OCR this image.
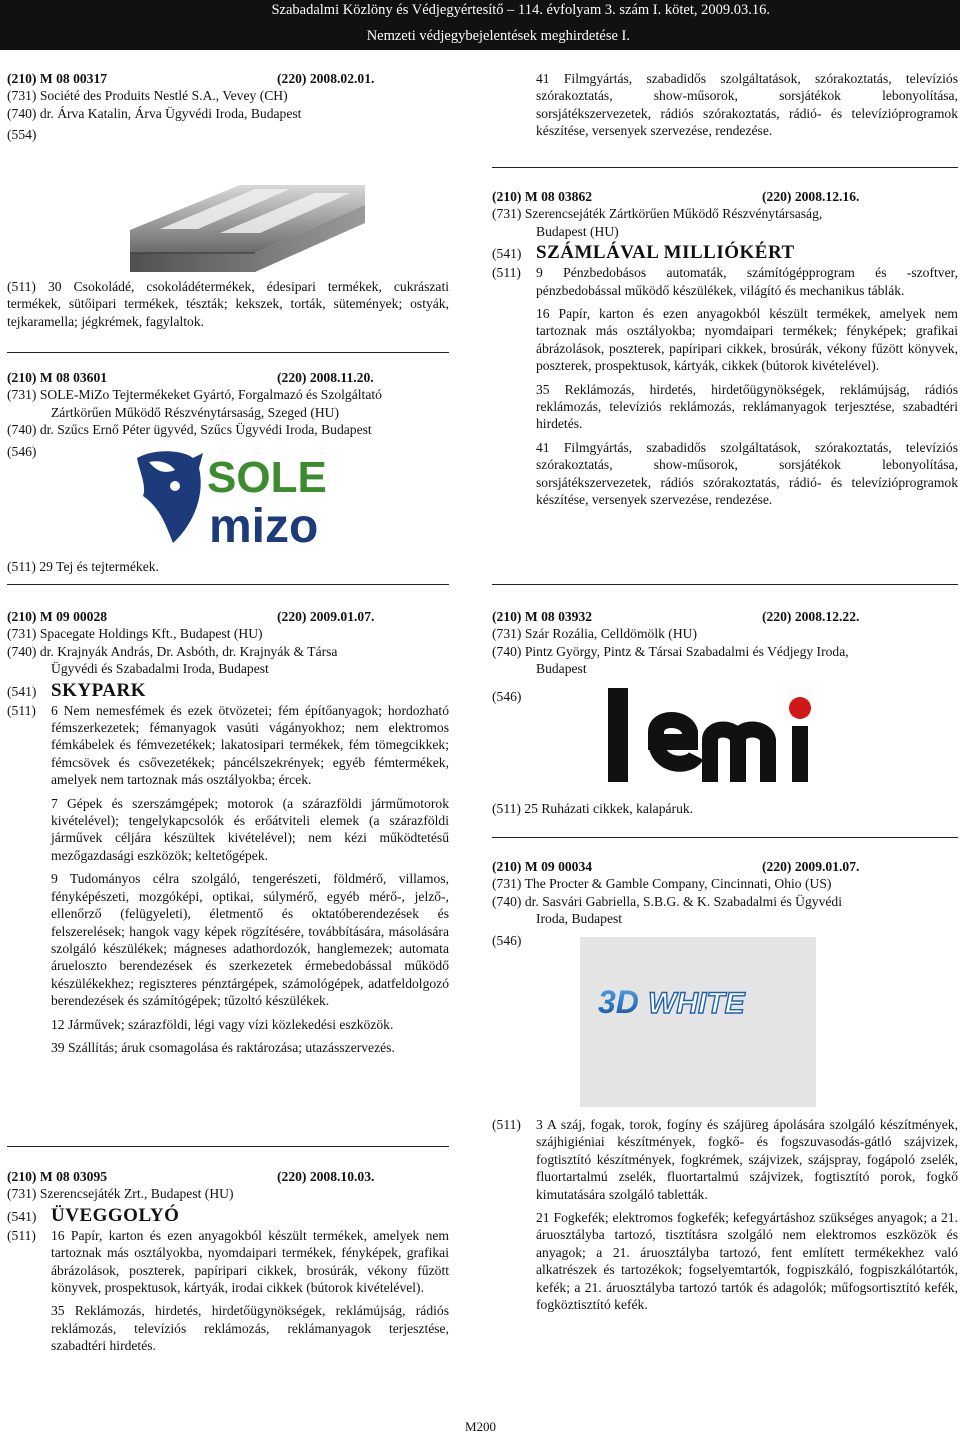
Szabadalmi Közlöny és Védjegyértesítő – 114. évfolyam 3. szám I. kötet, 2009.03.16.
Nemzeti védjegybejelentések meghirdetése I.
(210) M 08 00317	(220) 2008.02.01.
(731) Société des Produits Nestlé S.A., Vevey (CH)
(740) dr. Árva Katalin, Árva Ügyvédi Iroda, Budapest
(554)
(511) 30 Csokoládé, csokoládétermékek, édesipari termékek, cukrászati termékek, sütőipari termékek, tészták; kekszek, torták, sütemények; ostyák, tejkaramella; jégkrémek, fagylaltok.
(210) M 08 03601	(220) 2008.11.20.
(731) SOLE-MiZo Tejtermékeket Gyártó, Forgalmazó és Szolgáltató
Zártkörűen Működő Részvénytársaság, Szeged (HU)
(740) dr. Szűcs Ernő Péter ügyvéd, Szűcs Ügyvédi Iroda, Budapest
(546)
SOLE
mizo
(511) 29 Tej és tejtermékek.
(210) M 09 00028	(220) 2009.01.07.
(731) Spacegate Holdings Kft., Budapest (HU)
(740) dr. Krajnyák András, Dr. Asbóth, dr. Krajnyák & Társa
Ügyvédi és Szabadalmi Iroda, Budapest
(541) SKYPARK
(511)	6 Nem nemesfémek és ezek ötvözetei; fém építőanyagok; hordozható fémszerkezetek; fémanyagok vasúti vágányokhoz; nem elektromos fémkábelek és fémvezetékek; lakatosipari termékek, fém tömegcikkek; fémcsövek és csővezetékek; páncélszekrények; egyéb fémtermékek, amelyek nem tartoznak más osztályokba; ércek.
7 Gépek és szerszámgépek; motorok (a szárazföldi járműmotorok kivételével); tengelykapcsolók és erőátviteli elemek (a szárazföldi járművek céljára készültek kivételével); nem kézi működtetésű mezőgazdasági eszközök; keltetőgépek.
9 Tudományos célra szolgáló, tengerészeti, földmérő, villamos, fényképészeti, mozgóképi, optikai, súlymérő, egyéb mérő-, jelző-, ellenőrző (felügyeleti), életmentő és oktatóberendezések és felszerelések; hangok vagy képek rögzítésére, továbbítására, másolására szolgáló készülékek; mágneses adathordozók, hanglemezek; automata árueloszto berendezések és szerkezetek érmebedobással működő készülékekhez; regiszteres pénztárgépek, számológépek, adatfeldolgozó berendezések és számítógépek; tűzoltó készülékek.
12 Járművek; szárazföldi, légi vagy vízi közlekedési eszközök.
39 Szállítás; áruk csomagolása és raktározása; utazásszervezés.
(210) M 08 03095	(220) 2008.10.03.
(731) Szerencsejáték Zrt., Budapest (HU)
(541) ÜVEGGOLYÓ
(511)	16 Papír, karton és ezen anyagokból készült termékek, amelyek nem tartoznak más osztályokba, nyomdaipari termékek, fényképek, grafikai ábrázolások, poszterek, papíripari cikkek, brosúrák, vékony fűzött könyvek, prospektusok, kártyák, irodai cikkek (bútorok kivételével).
35 Reklámozás, hirdetés, hirdetőügynökségek, reklámújság, rádiós reklámozás, televíziós reklámozás, reklámanyagok terjesztése, szabadtéri hirdetés.
41 Filmgyártás, szabadidős szolgáltatások, szórakoztatás, televíziós szórakoztatás, show-műsorok, sorsjátékok lebonyolítása, sorsjátékszervezetek, rádiós szórakoztatás, rádió- és televízióprogramok készítése, versenyek szervezése, rendezése.
(210) M 08 03862	(220) 2008.12.16.
(731) Szerencsejáték Zártkörűen Működő Részvénytársaság,
Budapest (HU)
(541) SZÁMLÁVAL MILLIÓKÉRT
(511)	9 Pénzbedobásos automaták, számítógépprogram és -szoftver, pénzbedobással működő készülékek, világító és mechanikus táblák.
16 Papír, karton és ezen anyagokból készült termékek, amelyek nem tartoznak más osztályokba; nyomdaipari termékek; fényképek; grafikai ábrázolások, poszterek, papíripari cikkek, brosúrák, vékony fűzött könyvek, poszterek, prospektusok, kártyák, cikkek (bútorok kivételével).
35 Reklámozás, hirdetés, hirdetőügynökségek, reklámújság, rádiós reklámozás, televíziós reklámozás, reklámanyagok terjesztése, szabadtéri hirdetés.
41 Filmgyártás, szabadidős szolgáltatások, szórakoztatás, televíziós szórakoztatás, show-műsorok, sorsjátékok lebonyolítása, sorsjátékszervezetek, rádiós szórakoztatás, rádió- és televízióprogramok készítése, versenyek szervezése, rendezése.
(210) M 08 03932	(220) 2008.12.22.
(731) Szár Rozália, Celldömölk (HU)
(740) Pintz György, Pintz & Társai Szabadalmi és Védjegy Iroda,
Budapest
(546)
(511) 25 Ruházati cikkek, kalapáruk.
(210) M 09 00034	(220) 2009.01.07.
(731) The Procter & Gamble Company, Cincinnati, Ohio (US)
(740) dr. Sasvári Gabriella, S.B.G. & K. Szabadalmi és Ügyvédi
Iroda, Budapest
(546)
3D WHITE
(511)	3 A száj, fogak, torok, fogíny és szájüreg ápolására szolgáló készítmények, szájhigiéniai készítmények, fogkő- és fogszuvasodás-gátló szájvizek, fogtisztító készítmények, fogkrémek, szájvizek, szájspray, fogápoló zselék, fluortartalmú zselék, fluortartalmú szájvizek, fogtisztító porok, fogkő kimutatására szolgáló tabletták.
21 Fogkefék; elektromos fogkefék; kefegyártáshoz szükséges anyagok; a 21. áruosztályba tartozó, tisztításra szolgáló nem elektromos eszközök és anyagok; a 21. áruosztályba tartozó, fent említett termékekhez való alkatrészek és tartozékok; fogselyemtartók, fogpiszkáló, fogpiszkálótartók, kefék; a 21. áruosztályba tartozó tartók és adagolók; műfogsortisztító kefék, fogköztisztító kefék.
M200
